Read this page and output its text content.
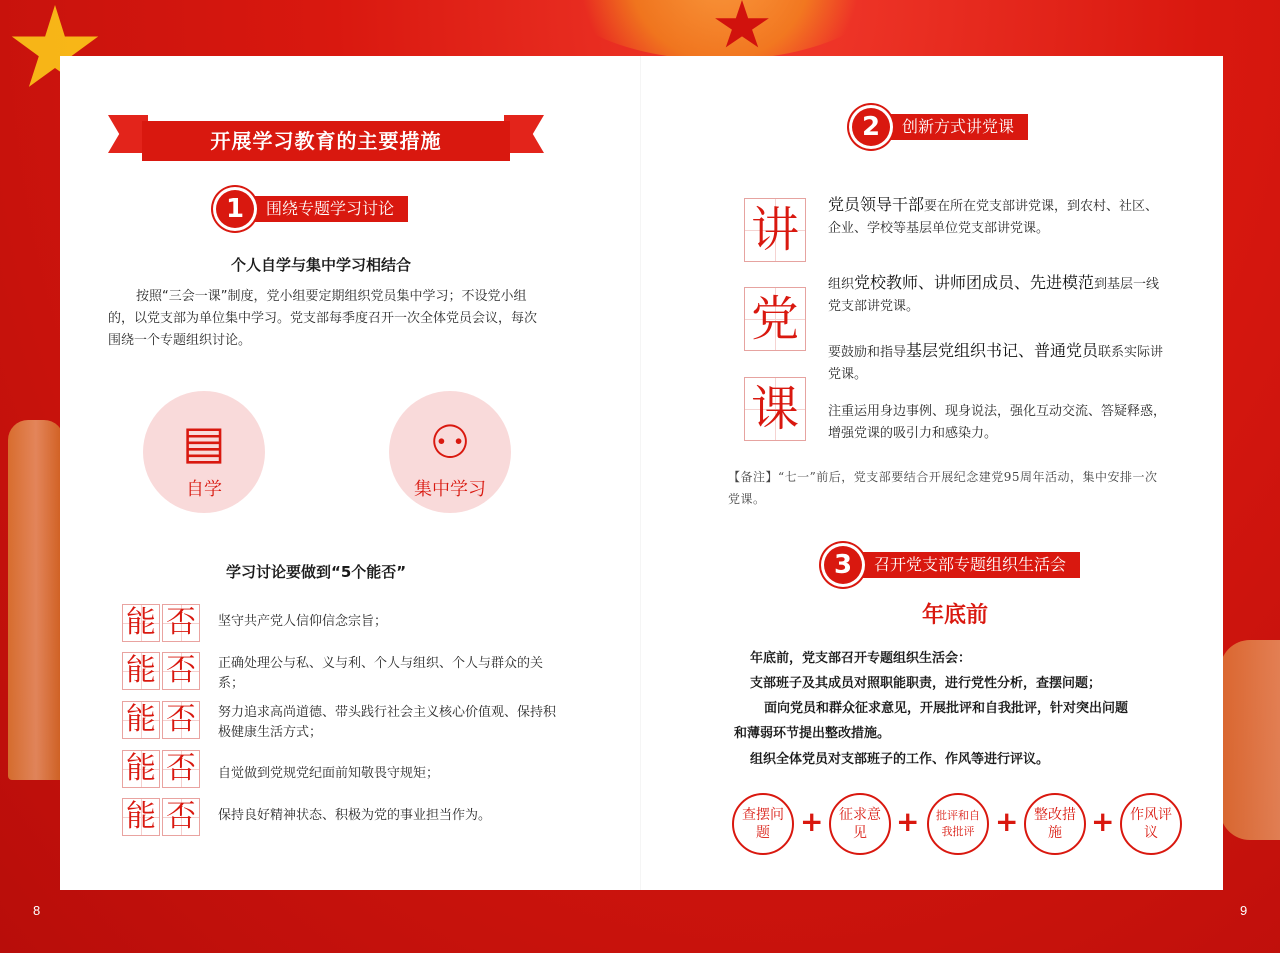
8	9
开展学习教育的主要措施
围绕专题学习讨论
1
个人自学与集中学习相结合
按照“三会一课”制度，党小组要定期组织党员集中学习；不设党小组的，以党支部为单位集中学习。党支部每季度召开一次全体党员会议，每次围绕一个专题组织讨论。
▤
自学
⚇
集中学习
学习讨论要做到“5个能否”
能 否	坚守共产党人信仰信念宗旨；
能 否	正确处理公与私、义与利、个人与组织、个人与群众的关系；
能 否	努力追求高尚道德、带头践行社会主义核心价值观、保持积极健康生活方式；
能 否	自觉做到党规党纪面前知敬畏守规矩；
能 否	保持良好精神状态、积极为党的事业担当作为。
创新方式讲党课
2
讲
党
课
党员领导干部要在所在党支部讲党课，到农村、社区、企业、学校等基层单位党支部讲党课。
组织党校教师、讲师团成员、先进模范到基层一线党支部讲党课。
要鼓励和指导基层党组织书记、普通党员联系实际讲党课。
注重运用身边事例、现身说法，强化互动交流、答疑释惑，增强党课的吸引力和感染力。
【备注】“七一”前后，党支部要结合开展纪念建党95周年活动，集中安排一次党课。
召开党支部专题组织生活会
3
年底前
年底前，党支部召开专题组织生活会：
支部班子及其成员对照职能职责，进行党性分析，查摆问题；
面向党员和群众征求意见，开展批评和自我批评，针对突出问题
和薄弱环节提出整改措施。
组织全体党员对支部班子的工作、作风等进行评议。
查摆问题	+ 征求意见	+ 批评和自我批评 + 整改措施	+ 作风评议
